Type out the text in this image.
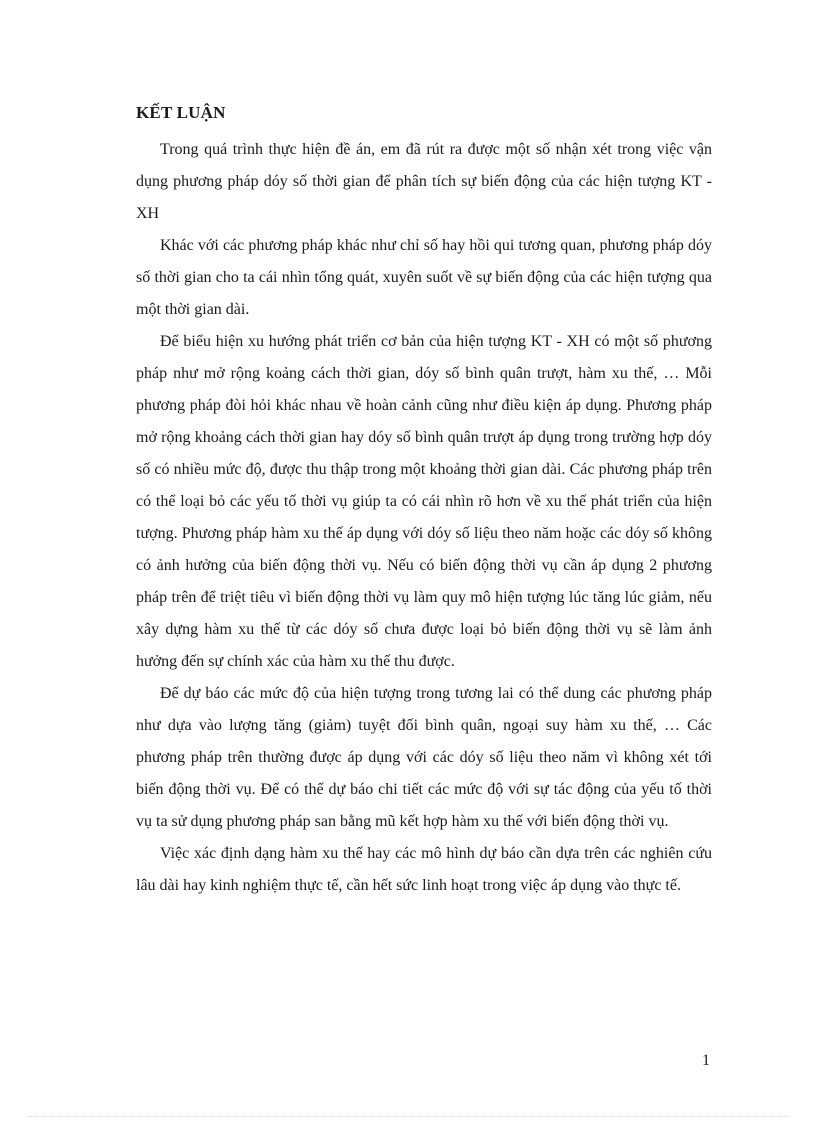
KẾT LUẬN

Trong quá trình thực hiện đề án, em đã rút ra được một số nhận xét trong việc vận dụng phương pháp dóy số thời gian để phân tích sự biến động của các hiện tượng KT - XH

Khác với các phương pháp khác như chỉ số hay hồi qui tương quan, phương pháp dóy số thời gian cho ta cái nhìn tổng quát, xuyên suốt về sự biến động của các hiện tượng qua một thời gian dài.

Để biểu hiện xu hướng phát triển cơ bản của hiện tượng KT - XH có một số phương pháp như mở rộng koảng cách thời gian, dóy số bình quân trượt, hàm xu thế, … Mỗi phương pháp đòi hỏi khác nhau về hoàn cảnh cũng như điều kiện áp dụng. Phương pháp mở rộng khoảng cách thời gian hay dóy số bình quân trượt áp dụng trong trường hợp dóy số có nhiều mức độ, được thu thập trong một khoảng thời gian dài. Các phương pháp trên có thể loại bỏ các yếu tố thời vụ giúp ta có cái nhìn rõ hơn về xu thế phát triển của hiện tượng. Phương pháp hàm xu thế áp dụng với dóy số liệu theo năm hoặc các dóy số không có ảnh hưởng của biến động thời vụ. Nếu có biến động thời vụ cần áp dụng 2 phương pháp trên để triệt tiêu vì biến động thời vụ làm quy mô hiện tượng lúc tăng lúc giảm, nếu xây dựng hàm xu thế từ các dóy số chưa được loại bỏ biến động thời vụ sẽ làm ảnh hưởng đến sự chính xác của hàm xu thế thu được.

Để dự báo các mức độ của hiện tượng trong tương lai có thể dung các phương pháp như dựa vào lượng tăng (giảm) tuyệt đối bình quân, ngoại suy hàm xu thế, … Các phương pháp trên thường được áp dụng với các dóy số liệu theo năm vì không xét tới biến động thời vụ. Để có thể dự báo chi tiết các mức độ với sự tác động của yếu tố thời vụ ta sử dụng phương pháp san bằng mũ kết hợp hàm xu thế với biến động thời vụ.

Việc xác định dạng hàm xu thế hay các mô hình dự báo cần dựa trên các nghiên cứu lâu dài hay kinh nghiệm thực tế, cần hết sức linh hoạt trong việc áp dụng vào thực tế.

1
